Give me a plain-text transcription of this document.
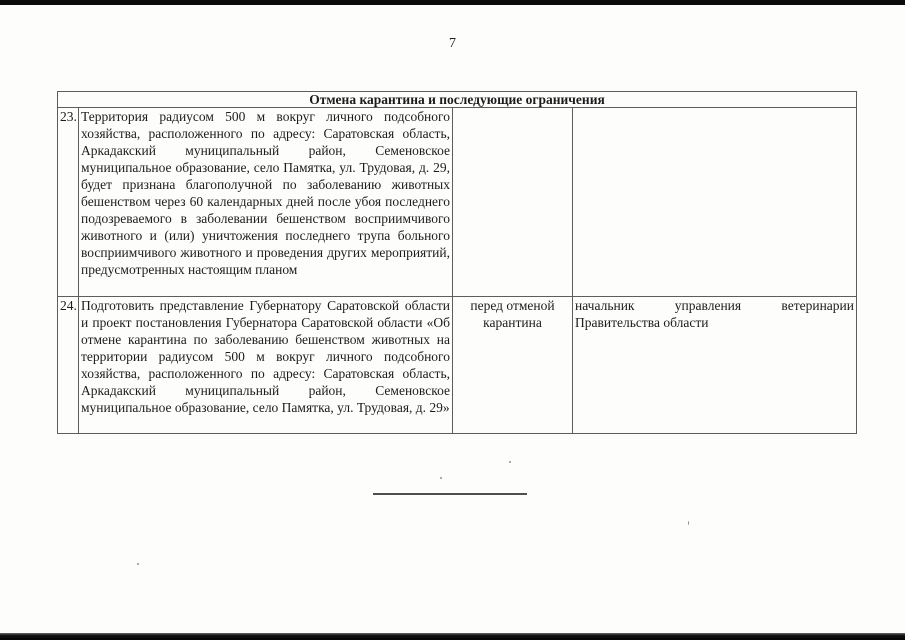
7
Отмена карантина и последующие ограничения			
23.	Территория радиусом 500 м вокруг личного подсобного хозяйства, расположенного по адресу: Саратовская область, Аркадакский муниципальный район, Семеновское муниципальное образование, село Памятка, ул. Трудовая, д. 29, будет признана благополучной по заболеванию животных бешенством через 60 календарных дней после убоя последнего подозреваемого в заболевании бешенством восприимчивого животного и (или) уничтожения последнего трупа больного восприимчивого животного и проведения других мероприятий, предусмотренных настоящим планом		
24.	Подготовить представление Губернатору Саратовской области и проект постановления Губернатора Саратовской области «Об отмене карантина по заболеванию бешенством животных на территории радиусом 500 м вокруг личного подсобного хозяйства, расположенного по адресу: Саратовская область, Аркадакский муниципальный район, Семеновское муниципальное образование, село Памятка, ул. Трудовая, д. 29»	перед отменой карантина	начальник управления ветеринарии Правительства области
